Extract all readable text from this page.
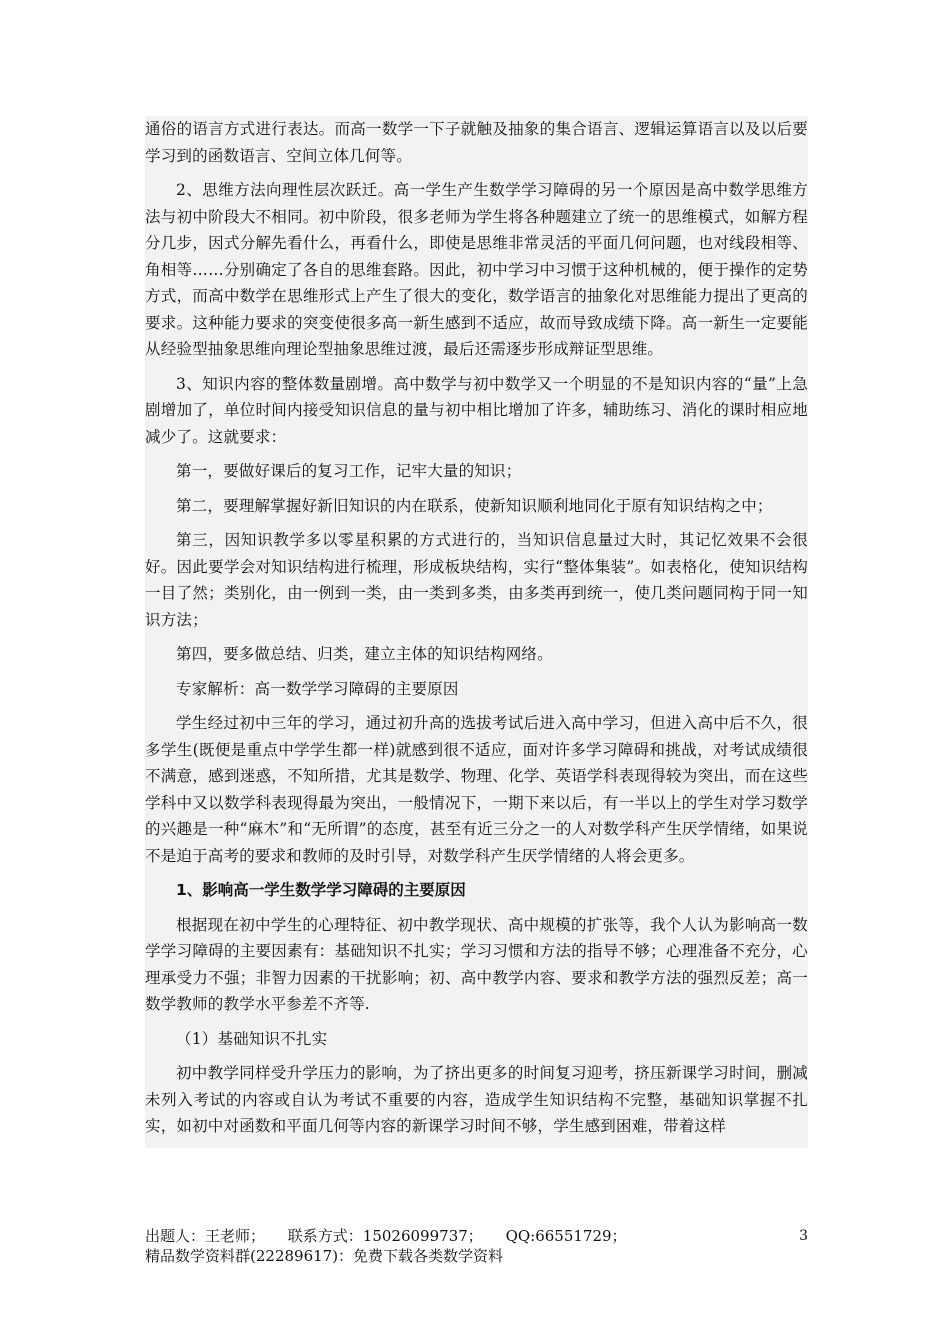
通俗的语言方式进行表达。而高一数学一下子就触及抽象的集合语言、逻辑运算语言以及以后要学习到的函数语言、空间立体几何等。

2、思维方法向理性层次跃迁。高一学生产生数学学习障碍的另一个原因是高中数学思维方法与初中阶段大不相同。初中阶段，很多老师为学生将各种题建立了统一的思维模式，如解方程分几步，因式分解先看什么，再看什么，即使是思维非常灵活的平面几何问题，也对线段相等、角相等……分别确定了各自的思维套路。因此，初中学习中习惯于这种机械的，便于操作的定势方式，而高中数学在思维形式上产生了很大的变化，数学语言的抽象化对思维能力提出了更高的要求。这种能力要求的突变使很多高一新生感到不适应，故而导致成绩下降。高一新生一定要能从经验型抽象思维向理论型抽象思维过渡，最后还需逐步形成辩证型思维。

3、知识内容的整体数量剧增。高中数学与初中数学又一个明显的不是知识内容的“量”上急剧增加了，单位时间内接受知识信息的量与初中相比增加了许多，辅助练习、消化的课时相应地减少了。这就要求：

第一，要做好课后的复习工作，记牢大量的知识；

第二，要理解掌握好新旧知识的内在联系，使新知识顺利地同化于原有知识结构之中；

第三，因知识教学多以零星积累的方式进行的，当知识信息量过大时，其记忆效果不会很好。因此要学会对知识结构进行梳理，形成板块结构，实行“整体集装”。如表格化，使知识结构一目了然；类别化，由一例到一类，由一类到多类，由多类再到统一，使几类问题同构于同一知识方法；

第四，要多做总结、归类，建立主体的知识结构网络。

专家解析：高一数学学习障碍的主要原因

学生经过初中三年的学习，通过初升高的选拔考试后进入高中学习，但进入高中后不久，很多学生(既便是重点中学学生都一样)就感到很不适应，面对许多学习障碍和挑战，对考试成绩很不满意，感到迷惑，不知所措，尤其是数学、物理、化学、英语学科表现得较为突出，而在这些学科中又以数学科表现得最为突出，一般情况下，一期下来以后，有一半以上的学生对学习数学的兴趣是一种“麻木”和“无所谓”的态度，甚至有近三分之一的人对数学科产生厌学情绪，如果说不是迫于高考的要求和教师的及时引导，对数学科产生厌学情绪的人将会更多。

1、影响高一学生数学学习障碍的主要原因

根据现在初中学生的心理特征、初中教学现状、高中规模的扩张等，我个人认为影响高一数学学习障碍的主要因素有：基础知识不扎实；学习习惯和方法的指导不够；心理准备不充分，心理承受力不强；非智力因素的干扰影响；初、高中教学内容、要求和教学方法的强烈反差；高一数学教师的教学水平参差不齐等.

（1）基础知识不扎实

初中教学同样受升学压力的影响，为了挤出更多的时间复习迎考，挤压新课学习时间，删减未列入考试的内容或自认为考试不重要的内容，造成学生知识结构不完整，基础知识掌握不扎实，如初中对函数和平面几何等内容的新课学习时间不够，学生感到困难，带着这样

出题人：王老师； 联系方式：15026099737； QQ:66551729；
精品数学资料群(22289617)：免费下载各类数学资料
3
